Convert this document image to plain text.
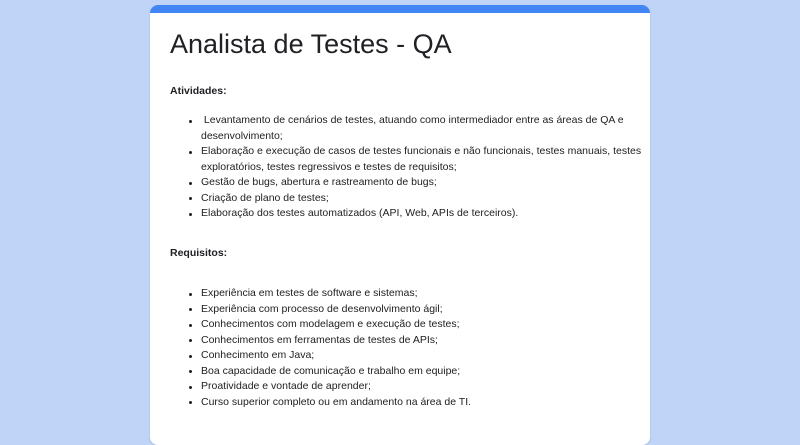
Analista de Testes - QA
Atividades:
Levantamento de cenários de testes, atuando como intermediador entre as áreas de QA e desenvolvimento;
Elaboração e execução de casos de testes funcionais e não funcionais, testes manuais, testes exploratórios, testes regressivos e testes de requisitos;
Gestão de bugs, abertura e rastreamento de bugs;
Criação de plano de testes;
Elaboração dos testes automatizados (API, Web, APIs de terceiros).
Requisitos:
Experiência em testes de software e sistemas;
Experiência com processo de desenvolvimento ágil;
Conhecimentos com modelagem e execução de testes;
Conhecimentos em ferramentas de testes de APIs;
Conhecimento em Java;
Boa capacidade de comunicação e trabalho em equipe;
Proatividade e vontade de aprender;
Curso superior completo ou em andamento na área de TI.
